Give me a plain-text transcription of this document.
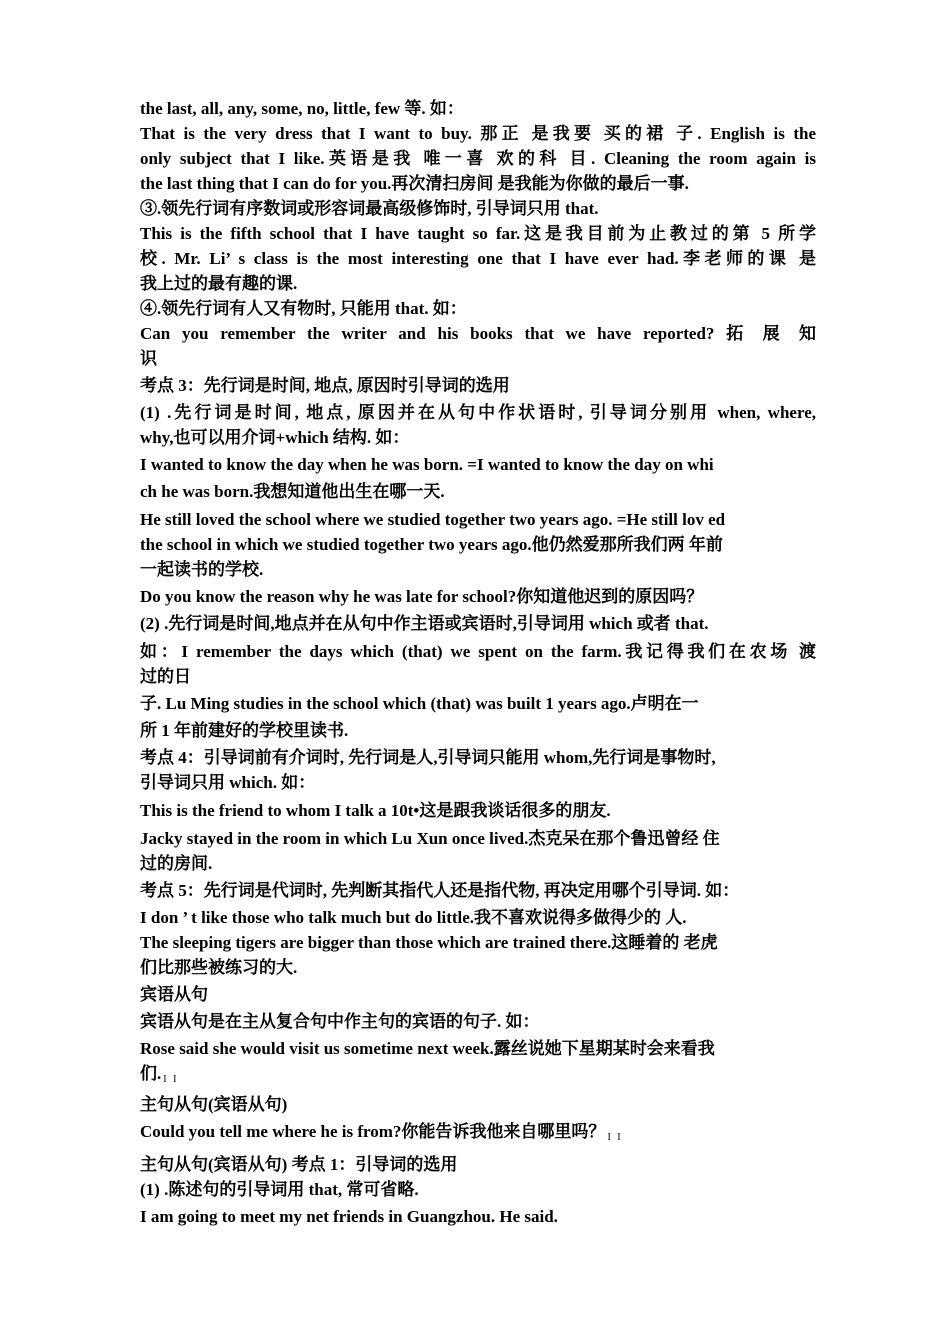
the last, all, any, some, no, little, few 等. 如：

That is the very dress that I want to buy. 那正 是我要 买的裙 子. English is the

only subject that I like.英语是我 唯一喜 欢的科 目. Cleaning the room again is

the last thing that I can do for you.再次清扫房间 是我能为你做的最后一事.

③.领先行词有序数词或形容词最高级修饰时, 引导词只用 that.

This is the fifth school that I have taught so far.这是我目前为止教过的第 5 所学

校. Mr. Li’ s class is the most interesting one that I have ever had.李老师的课 是

我上过的最有趣的课.

④.领先行词有人又有物时, 只能用 that. 如：

Can you remember the writer and his books that we have reported? 拓 展 知

识

考点 3：先行词是时间, 地点, 原因时引导词的选用

(1) .先行词是时间, 地点, 原因并在从句中作状语时, 引导词分别用 when, where,

why,也可以用介词+which 结构. 如：

I wanted to know the day when he was born. =I wanted to know the day on whi

ch he was born.我想知道他出生在哪一天.

He still loved the school where we studied together two years ago. =He still lov ed

the school in which we studied together two years ago.他仍然爱那所我们两 年前

一起读书的学校.

Do you know the reason why he was late for school?你知道他迟到的原因吗？

(2) .先行词是时间,地点并在从句中作主语或宾语时,引导词用 which 或者 that.

如：I remember the days which (that) we spent on the farm.我记得我们在农场 渡

过的日

子. Lu Ming studies in the school which (that) was built 1 years ago.卢明在一

所 1 年前建好的学校里读书.

考点 4：引导词前有介词时, 先行词是人,引导词只能用 whom,先行词是事物时,

引导词只用 which. 如：

This is the friend to whom I talk a 10t•这是跟我谈话很多的朋友.

Jacky stayed in the room in which Lu Xun once lived.杰克呆在那个鲁迅曾经 住

过的房间.

考点 5：先行词是代词时, 先判断其指代人还是指代物, 再决定用哪个引导词. 如：

I don ’ t like those who talk much but do little.我不喜欢说得多做得少的 人.

The sleeping tigers are bigger than those which are trained there.这睡着的 老虎

们比那些被练习的大.

宾语从句

宾语从句是在主从复合句中作主句的宾语的句子. 如：

Rose said she would visit us sometime next week.露丝说她下星期某时会来看我

们. $_{I I}$

主句从句(宾语从句)

Could you tell me where he is from?你能告诉我他来自哪里吗？ $_{I I}$

主句从句(宾语从句) 考点 1：引导词的选用

(1) .陈述句的引导词用 that, 常可省略.

I am going to meet my net friends in Guangzhou. He said.
